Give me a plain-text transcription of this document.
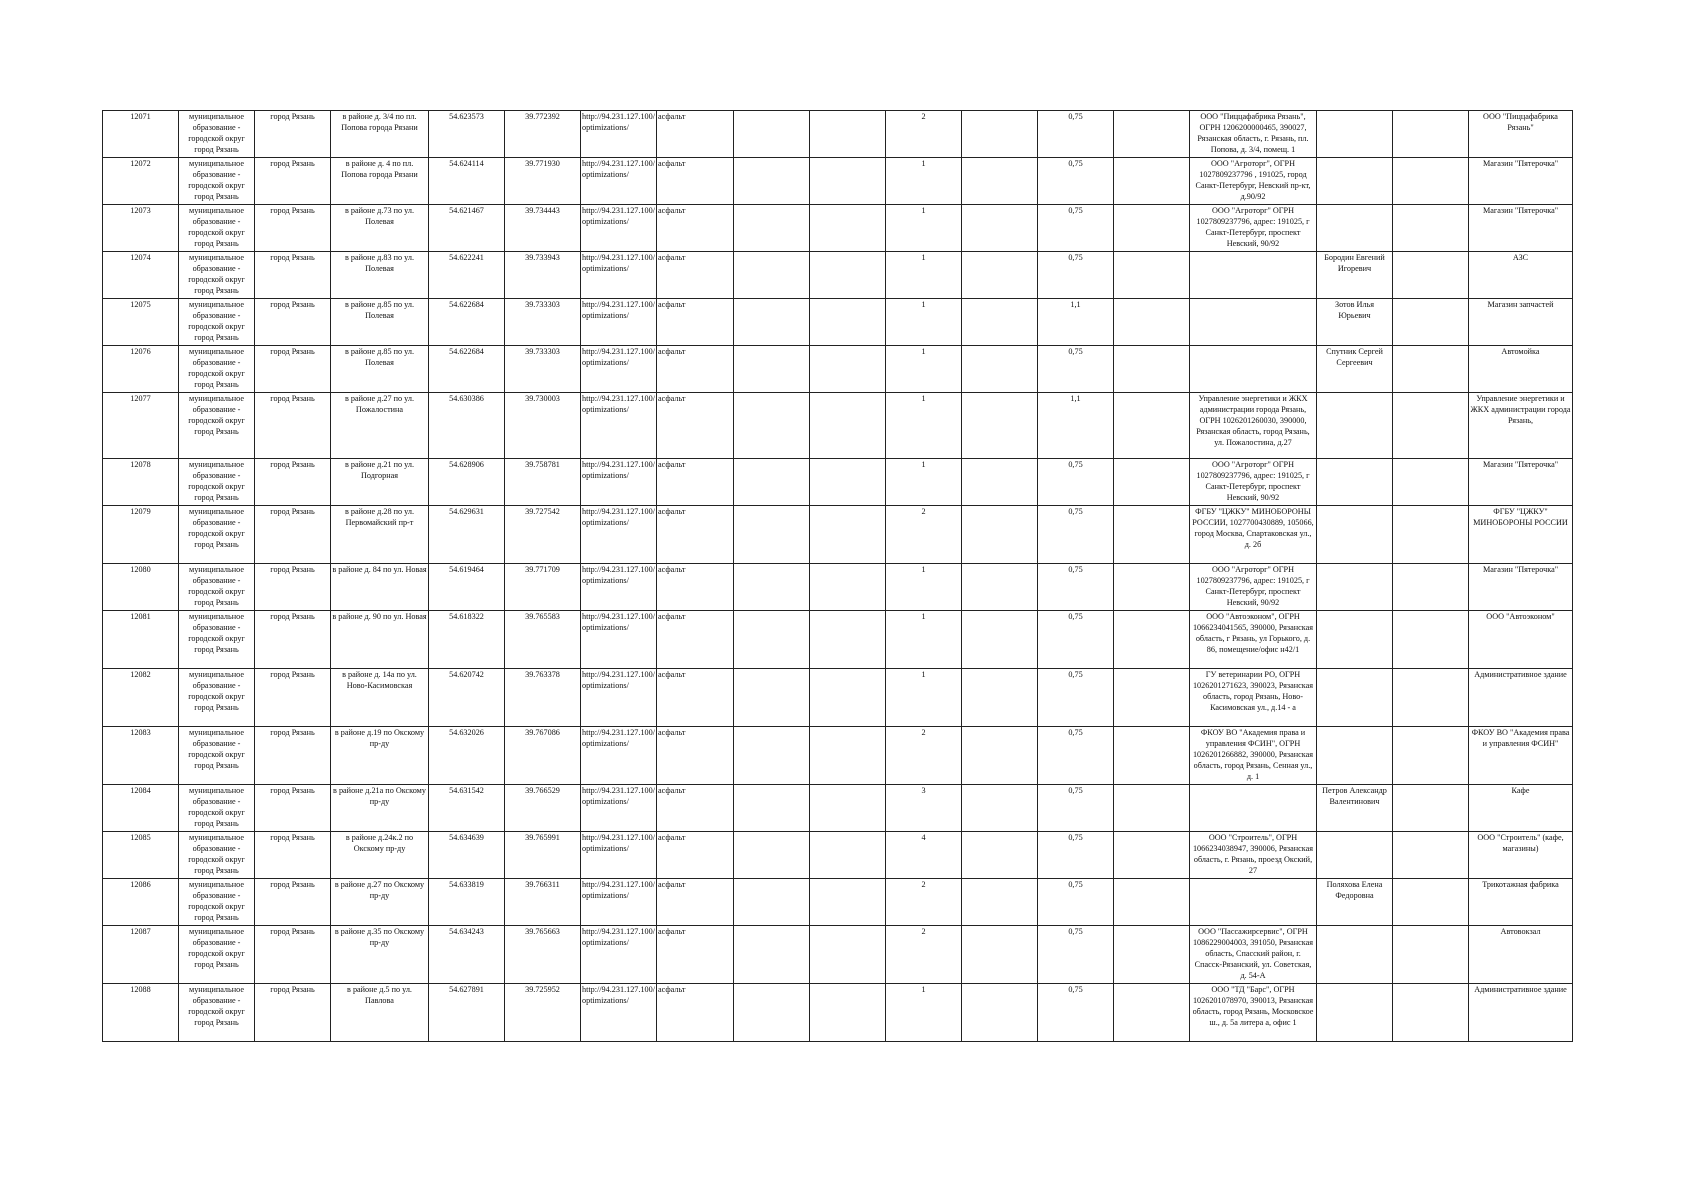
12071	муниципальное образование - городской округ город Рязань	город Рязань	в районе д. 3/4 по пл. Попова города Рязани	54.623573	39.772392	http://94.231.127.100/optimizations/	асфальт			2		0,75		ООО "Пиццафабрика Рязань", ОГРН 1206200000465, 390027, Рязанская область, г. Рязань, пл. Попова, д. 3/4, помещ. 1			ООО "Пиццафабрика Рязань"
12072	муниципальное образование - городской округ город Рязань	город Рязань	в районе д. 4 по пл. Попова города Рязани	54.624114	39.771930	http://94.231.127.100/optimizations/	асфальт			1		0,75		ООО "Агроторг", ОГРН 1027809237796 , 191025, город Санкт-Петербург, Невский пр-кт, д.90/92			Магазин "Пятерочка"
12073	муниципальное образование - городской округ город Рязань	город Рязань	в районе д.73 по ул. Полевая	54.621467	39.734443	http://94.231.127.100/optimizations/	асфальт			1		0,75		ООО "Агроторг" ОГРН 1027809237796, адрес: 191025, г Санкт-Петербург, проспект Невский, 90/92			Магазин "Пятерочка"
12074	муниципальное образование - городской округ город Рязань	город Рязань	в районе д.83 по ул. Полевая	54.622241	39.733943	http://94.231.127.100/optimizations/	асфальт			1		0,75			Бородин Евгений Игоревич		АЗС
12075	муниципальное образование - городской округ город Рязань	город Рязань	в районе д.85 по ул. Полевая	54.622684	39.733303	http://94.231.127.100/optimizations/	асфальт			1		1,1			Зотов Илья Юрьевич		Магазин запчастей
12076	муниципальное образование - городской округ город Рязань	город Рязань	в районе д.85 по ул. Полевая	54.622684	39.733303	http://94.231.127.100/optimizations/	асфальт			1		0,75			Спутник Сергей Сергеевич		Автомойка
12077	муниципальное образование - городской округ город Рязань	город Рязань	в районе д.27 по ул. Пожалостина	54.630386	39.730003	http://94.231.127.100/optimizations/	асфальт			1		1,1		Управление энергетики и ЖКХ администрации города Рязань, ОГРН 1026201260030, 390000, Рязанская область, город Рязань, ул. Пожалостина, д.27			Управление энергетики и ЖКХ администрации города Рязань,
12078	муниципальное образование - городской округ город Рязань	город Рязань	в районе д.21 по ул. Подгорная	54.628906	39.758781	http://94.231.127.100/optimizations/	асфальт			1		0,75		ООО "Агроторг" ОГРН 1027809237796, адрес: 191025, г Санкт-Петербург, проспект Невский, 90/92			Магазин "Пятерочка"
12079	муниципальное образование - городской округ город Рязань	город Рязань	в районе д.28 по ул. Первомайский пр-т	54.629631	39.727542	http://94.231.127.100/optimizations/	асфальт			2		0,75		ФГБУ "ЦЖКУ" МИНОБОРОНЫ РОССИИ, 1027700430889, 105066, город Москва, Спартаковская ул., д. 2б			ФГБУ "ЦЖКУ" МИНОБОРОНЫ РОССИИ
12080	муниципальное образование - городской округ город Рязань	город Рязань	в районе д. 84 по ул. Новая	54.619464	39.771709	http://94.231.127.100/optimizations/	асфальт			1		0,75		ООО "Агроторг" ОГРН 1027809237796, адрес: 191025, г Санкт-Петербург, проспект Невский, 90/92			Магазин "Пятерочка"
12081	муниципальное образование - городской округ город Рязань	город Рязань	в районе д. 90 по ул. Новая	54.618322	39.765583	http://94.231.127.100/optimizations/	асфальт			1		0,75		ООО "Автоэконом", ОГРН 1066234041565, 390000, Рязанская область, г Рязань, ул Горького, д. 86, помещение/офис н42/1			ООО "Автоэконом"
12082	муниципальное образование - городской округ город Рязань	город Рязань	в районе д. 14а по ул. Ново-Касимовская	54.620742	39.763378	http://94.231.127.100/optimizations/	асфальт			1		0,75		ГУ ветеринарии РО, ОГРН 1026201271623, 390023, Рязанская область, город Рязань, Ново-Касимовская ул., д.14 - а			Административное здание
12083	муниципальное образование - городской округ город Рязань	город Рязань	в районе д.19 по Окскому пр-ду	54.632026	39.767086	http://94.231.127.100/optimizations/	асфальт			2		0,75		ФКОУ ВО "Академия права и управления ФСИН", ОГРН 1026201266882, 390000, Рязанская область, город Рязань, Сенная ул., д. 1			ФКОУ ВО "Академия права и управления ФСИН"
12084	муниципальное образование - городской округ город Рязань	город Рязань	в районе д.21а по Окскому пр-ду	54.631542	39.766529	http://94.231.127.100/optimizations/	асфальт			3		0,75			Петров Александр Валентинович		Кафе
12085	муниципальное образование - городской округ город Рязань	город Рязань	в районе д.24к.2 по Окскому пр-ду	54.634639	39.765991	http://94.231.127.100/optimizations/	асфальт			4		0,75		ООО "Строитель", ОГРН 1066234038947, 390006, Рязанская область, г. Рязань, проезд Окский, 27			ООО "Строитель" (кафе, магазины)
12086	муниципальное образование - городской округ город Рязань	город Рязань	в районе д.27 по Окскому пр-ду	54.633819	39.766311	http://94.231.127.100/optimizations/	асфальт			2		0,75			Поляхова Елена Федоровна		Трикотажная фабрика
12087	муниципальное образование - городской округ город Рязань	город Рязань	в районе д.35 по Окскому пр-ду	54.634243	39.765663	http://94.231.127.100/optimizations/	асфальт			2		0,75		ООО "Пассажирсервис", ОГРН 1086229004003, 391050, Рязанская область, Спасский район, г. Спасск-Рязанский, ул. Советская, д. 54-А			Автовокзал
12088	муниципальное образование - городской округ город Рязань	город Рязань	в районе д.5 по ул. Павлова	54.627891	39.725952	http://94.231.127.100/optimizations/	асфальт			1		0,75		ООО "ТД "Барс", ОГРН 1026201078970, 390013, Рязанская область, город Рязань, Московское ш., д. 5а литера а, офис 1			Административное здание
